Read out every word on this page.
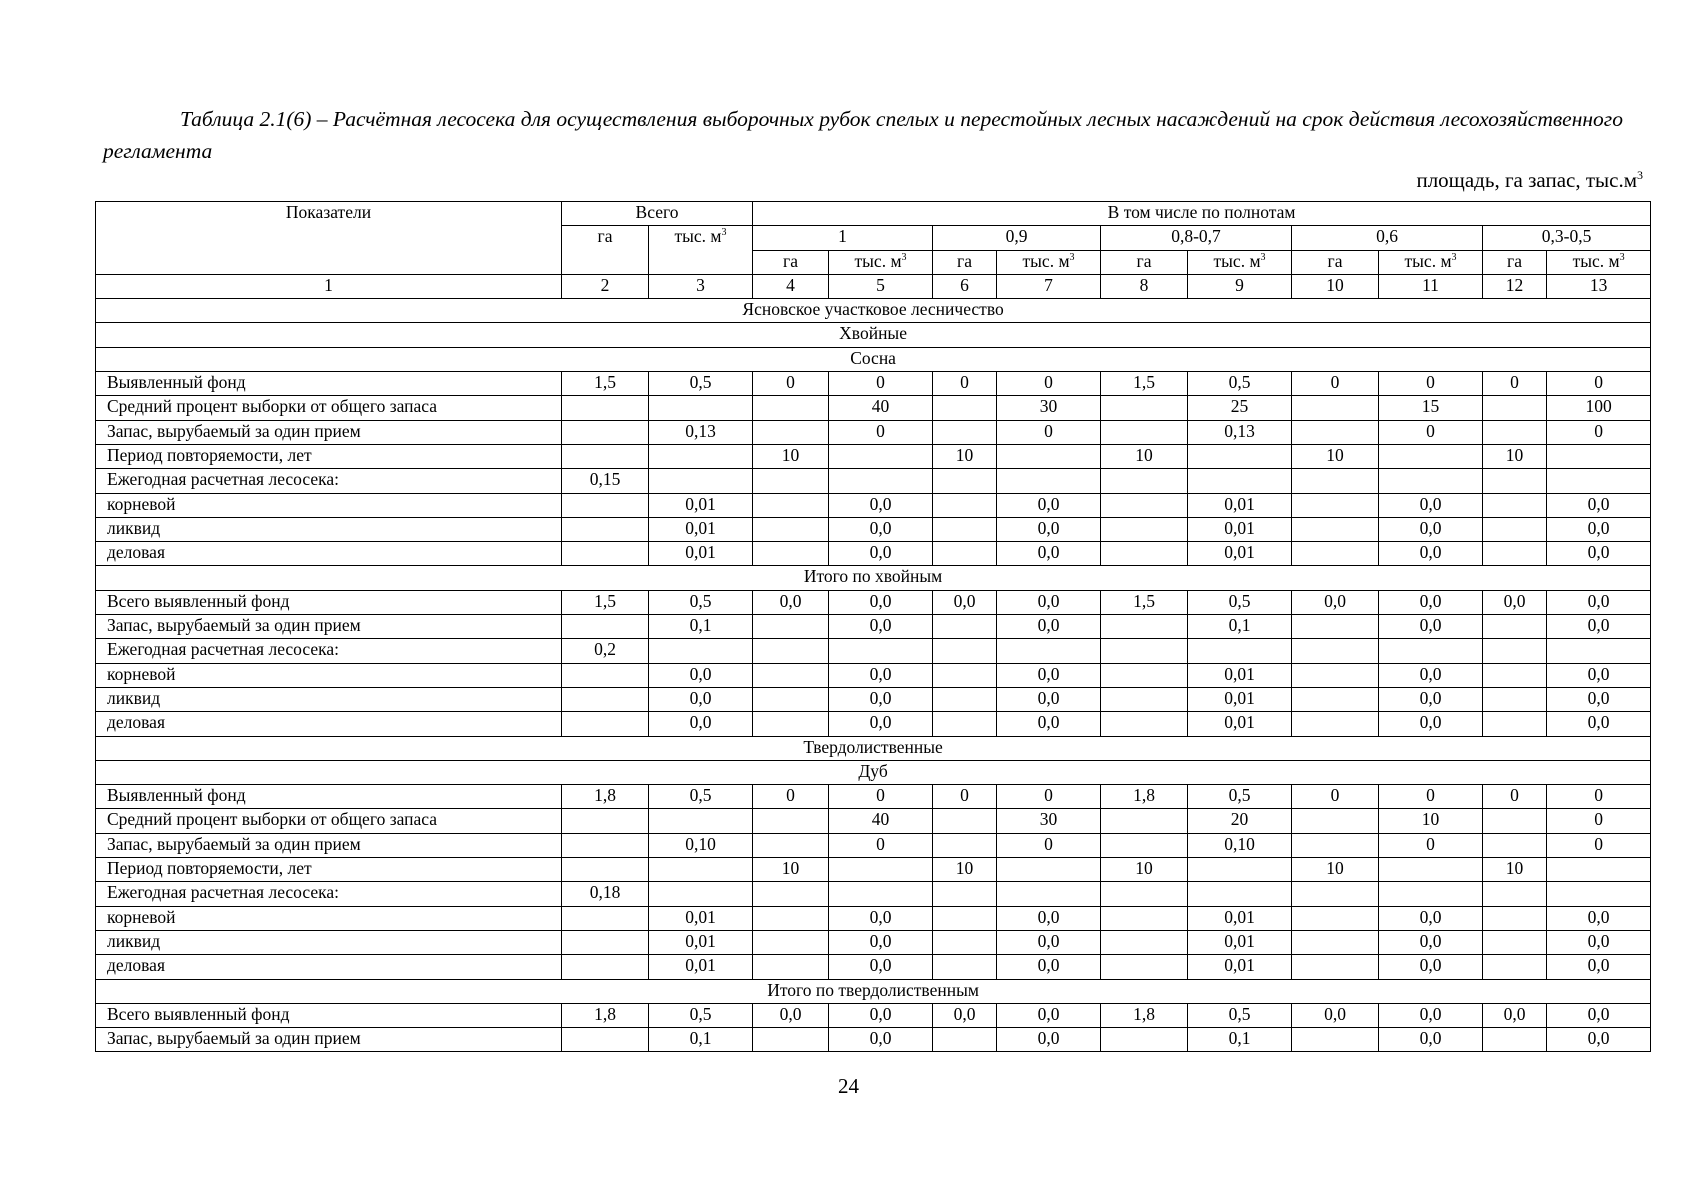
Таблица 2.1(6) – Расчётная лесосека для осуществления выборочных рубок спелых и перестойных лесных насаждений на срок действия лесохозяйственного регламента
площадь, га запас, $тыс.м^3$
Показатели	Всего		В том числе по полнотам									
	га	тыс. $м^3$	1		0,9		0,8-0,7		0,6		0,3-0,5	
			га	тыс. $м^3$	га	тыс. $м^3$	га	тыс. $м^3$	га	тыс. $м^3$	га	тыс. $м^3$
1	2	3	4	5	6	7	8	9	10	11	12	13
Ясновское участковое лесничество												
Хвойные												
Сосна												
Выявленный фонд	1,5	0,5	0	0	0	0	1,5	0,5	0	0	0	0
Средний процент выборки от общего запаса				40		30		25		15		100
Запас, вырубаемый за один прием		0,13		0		0		0,13		0		0
Период повторяемости, лет			10		10		10		10		10	
Ежегодная расчетная лесосека:	0,15											
корневой		0,01		0,0		0,0		0,01		0,0		0,0
ликвид		0,01		0,0		0,0		0,01		0,0		0,0
деловая		0,01		0,0		0,0		0,01		0,0		0,0
Итого по хвойным												
Всего выявленный фонд	1,5	0,5	0,0	0,0	0,0	0,0	1,5	0,5	0,0	0,0	0,0	0,0
Запас, вырубаемый за один прием		0,1		0,0		0,0		0,1		0,0		0,0
Ежегодная расчетная лесосека:	0,2											
корневой		0,0		0,0		0,0		0,01		0,0		0,0
ликвид		0,0		0,0		0,0		0,01		0,0		0,0
деловая		0,0		0,0		0,0		0,01		0,0		0,0
Твердолиственные												
Дуб												
Выявленный фонд	1,8	0,5	0	0	0	0	1,8	0,5	0	0	0	0
Средний процент выборки от общего запаса				40		30		20		10		0
Запас, вырубаемый за один прием		0,10		0		0		0,10		0		0
Период повторяемости, лет			10		10		10		10		10	
Ежегодная расчетная лесосека:	0,18											
корневой		0,01		0,0		0,0		0,01		0,0		0,0
ликвид		0,01		0,0		0,0		0,01		0,0		0,0
деловая		0,01		0,0		0,0		0,01		0,0		0,0
Итого по твердолиственным												
Всего выявленный фонд	1,8	0,5	0,0	0,0	0,0	0,0	1,8	0,5	0,0	0,0	0,0	0,0
Запас, вырубаемый за один прием		0,1		0,0		0,0		0,1		0,0		0,0
24
